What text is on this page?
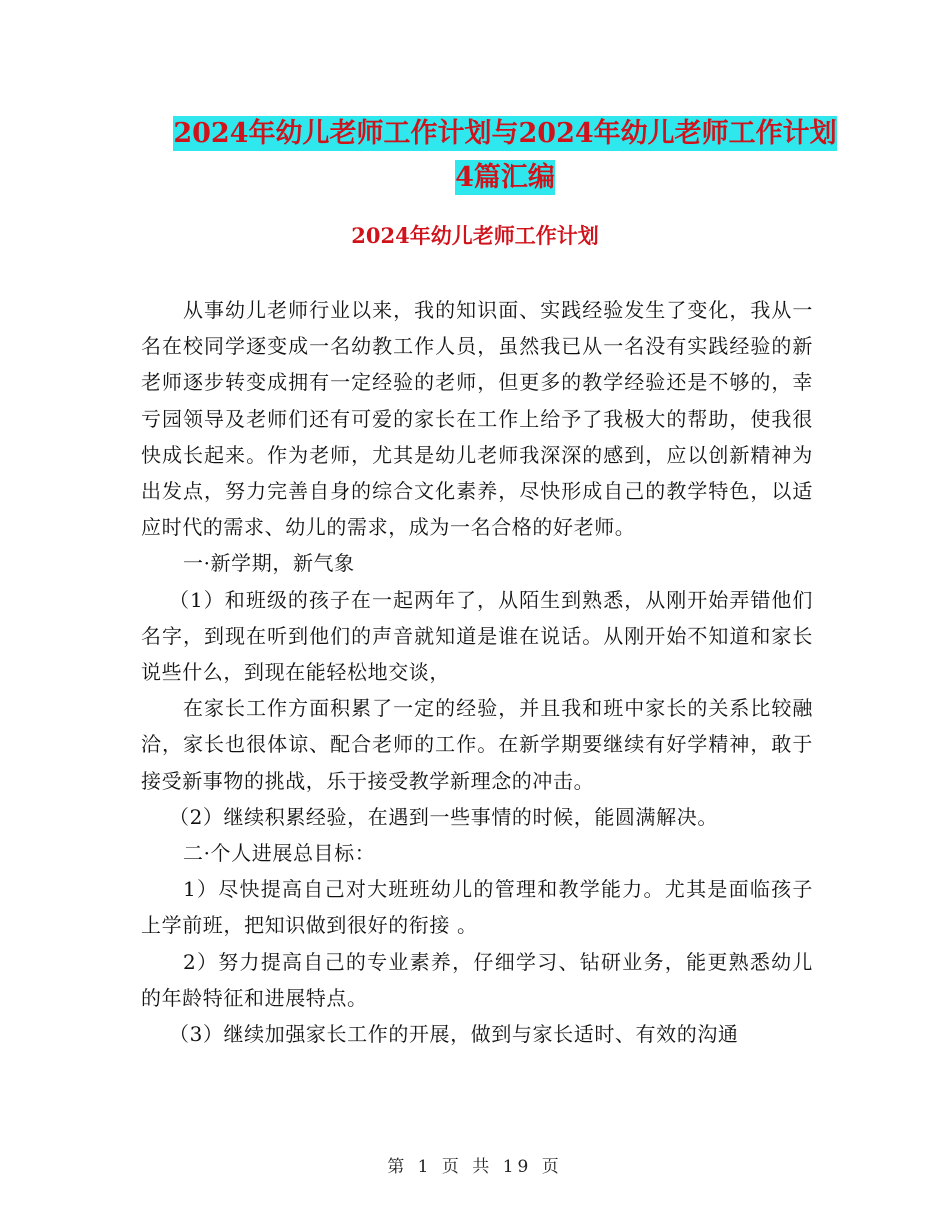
2024年幼儿老师工作计划与2024年幼儿老师工作计划
4篇汇编
2024年幼儿老师工作计划

从事幼儿老师行业以来，我的知识面、实践经验发生了变化，我从一名在校同学逐变成一名幼教工作人员，虽然我已从一名没有实践经验的新老师逐步转变成拥有一定经验的老师，但更多的教学经验还是不够的，幸亏园领导及老师们还有可爱的家长在工作上给予了我极大的帮助，使我很快成长起来。作为老师，尤其是幼儿老师我深深的感到，应以创新精神为出发点，努力完善自身的综合文化素养，尽快形成自己的教学特色，以适应时代的需求、幼儿的需求，成为一名合格的好老师。

一·新学期，新气象

（1）和班级的孩子在一起两年了，从陌生到熟悉，从刚开始弄错他们名字，到现在听到他们的声音就知道是谁在说话。从刚开始不知道和家长说些什么，到现在能轻松地交谈，

在家长工作方面积累了一定的经验，并且我和班中家长的关系比较融洽，家长也很体谅、配合老师的工作。在新学期要继续有好学精神，敢于接受新事物的挑战，乐于接受教学新理念的冲击。

（2）继续积累经验，在遇到一些事情的时候，能圆满解决。

二·个人进展总目标：

1）尽快提高自己对大班班幼儿的管理和教学能力。尤其是面临孩子上学前班，把知识做到很好的衔接 。

2）努力提高自己的专业素养，仔细学习、钻研业务，能更熟悉幼儿的年龄特征和进展特点。

（3）继续加强家长工作的开展，做到与家长适时、有效的沟通

第 1 页 共 19 页
